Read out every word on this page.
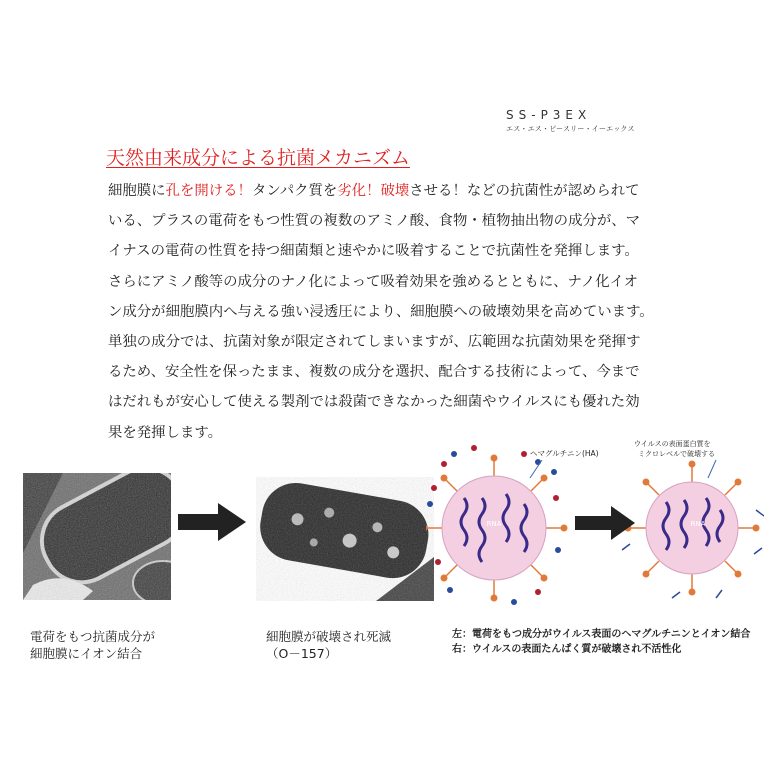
SS-P3EX
エス・エス・ピースリー・イーエックス
天然由来成分による抗菌メカニズム
細胞膜に孔を開ける！タンパク質を劣化！破壊させる！などの抗菌性が認められて
いる、プラスの電荷をもつ性質の複数のアミノ酸、食物・植物抽出物の成分が、マ
イナスの電荷の性質を持つ細菌類と速やかに吸着することで抗菌性を発揮します。
さらにアミノ酸等の成分のナノ化によって吸着効果を強めるとともに、ナノ化イオ
ン成分が細胞膜内へ与える強い浸透圧により、細胞膜への破壊効果を高めています。
単独の成分では、抗菌対象が限定されてしまいますが、広範囲な抗菌効果を発揮す
るため、安全性を保ったまま、複数の成分を選択、配合する技術によって、今まで
はだれもが安心して使える製剤では殺菌できなかった細菌やウイルスにも優れた効
果を発揮します。
RNA
ヘマグルチニン(HA)
RNA
ウイルスの表面蛋白質を
ミクロレベルで破壊する
電荷をもつ抗菌成分が
細胞膜にイオン結合
細胞膜が破壊され死滅
（O－157）
左：電荷をもつ成分がウイルス表面のヘマグルチニンとイオン結合
右：ウイルスの表面たんぱく質が破壊され不活性化
